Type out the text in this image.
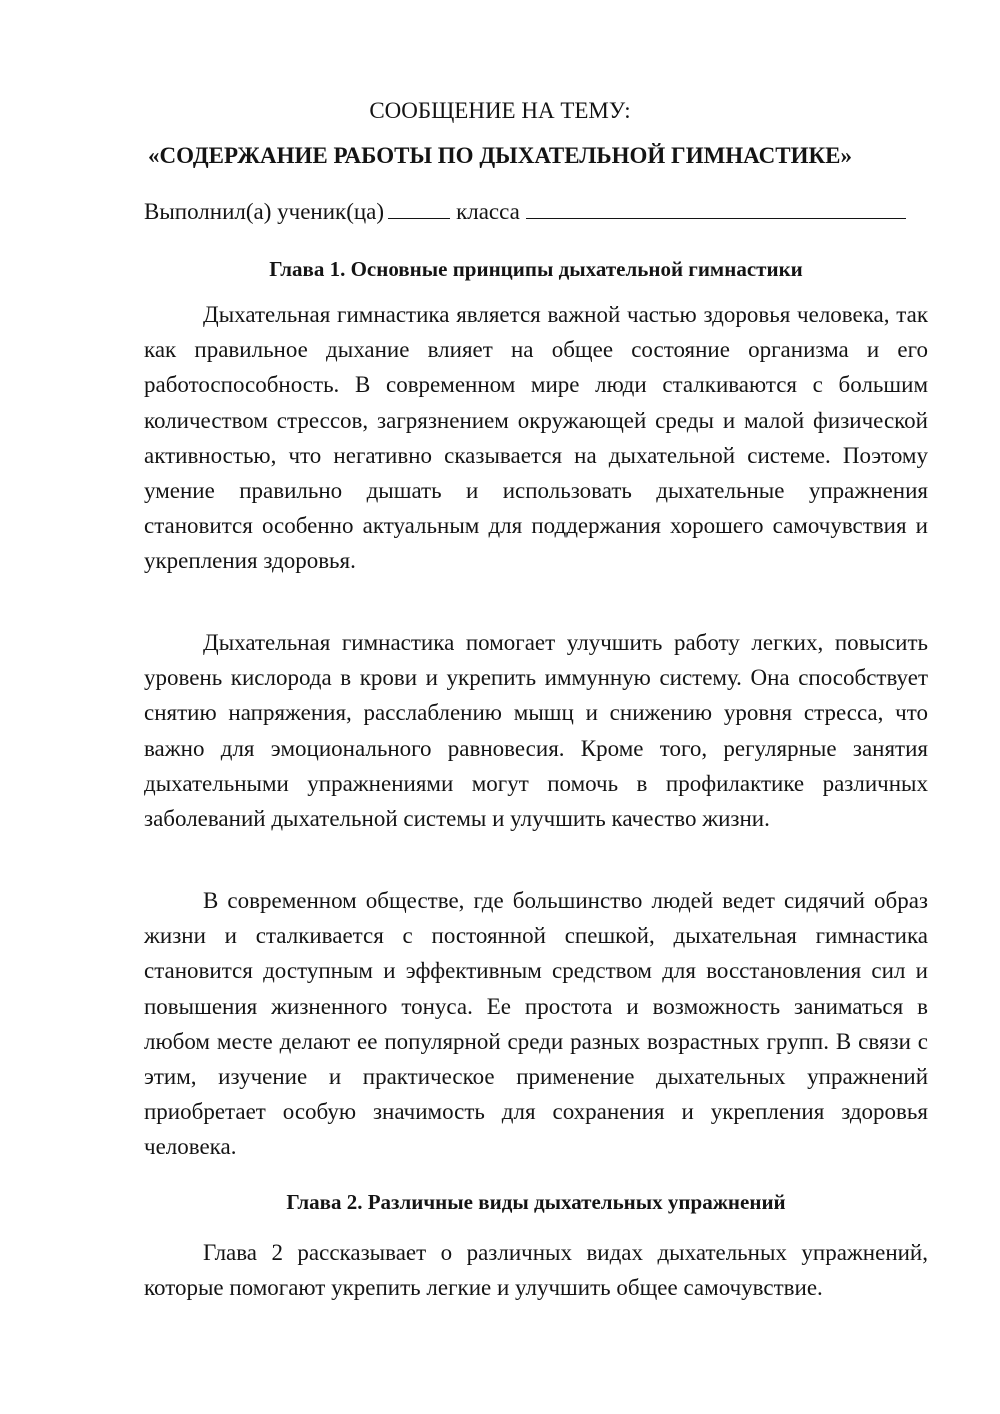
СООБЩЕНИЕ НА ТЕМУ:

«СОДЕРЖАНИЕ РАБОТЫ ПО ДЫХАТЕЛЬНОЙ ГИМНАСТИКЕ»

Выполнил(а) ученик(ца)	класса

Глава 1. Основные принципы дыхательной гимнастики

Дыхательная гимнастика является важной частью здоровья человека, так как правильное дыхание влияет на общее состояние организма и его работоспособность. В современном мире люди сталкиваются с большим количеством стрессов, загрязнением окружающей среды и малой физической активностью, что негативно сказывается на дыхательной системе. Поэтому умение правильно дышать и использовать дыхательные упражнения становится особенно актуальным для поддержания хорошего самочувствия и укрепления здоровья.

Дыхательная гимнастика помогает улучшить работу легких, повысить уровень кислорода в крови и укрепить иммунную систему. Она способствует снятию напряжения, расслаблению мышц и снижению уровня стресса, что важно для эмоционального равновесия. Кроме того, регулярные занятия дыхательными упражнениями могут помочь в профилактике различных заболеваний дыхательной системы и улучшить качество жизни.

В современном обществе, где большинство людей ведет сидячий образ жизни и сталкивается с постоянной спешкой, дыхательная гимнастика становится доступным и эффективным средством для восстановления сил и повышения жизненного тонуса. Ее простота и возможность заниматься в любом месте делают ее популярной среди разных возрастных групп. В связи с этим, изучение и практическое применение дыхательных упражнений приобретает особую значимость для сохранения и укрепления здоровья человека.

Глава 2. Различные виды дыхательных упражнений

Глава 2 рассказывает о различных видах дыхательных упражнений, которые помогают укрепить легкие и улучшить общее самочувствие.
